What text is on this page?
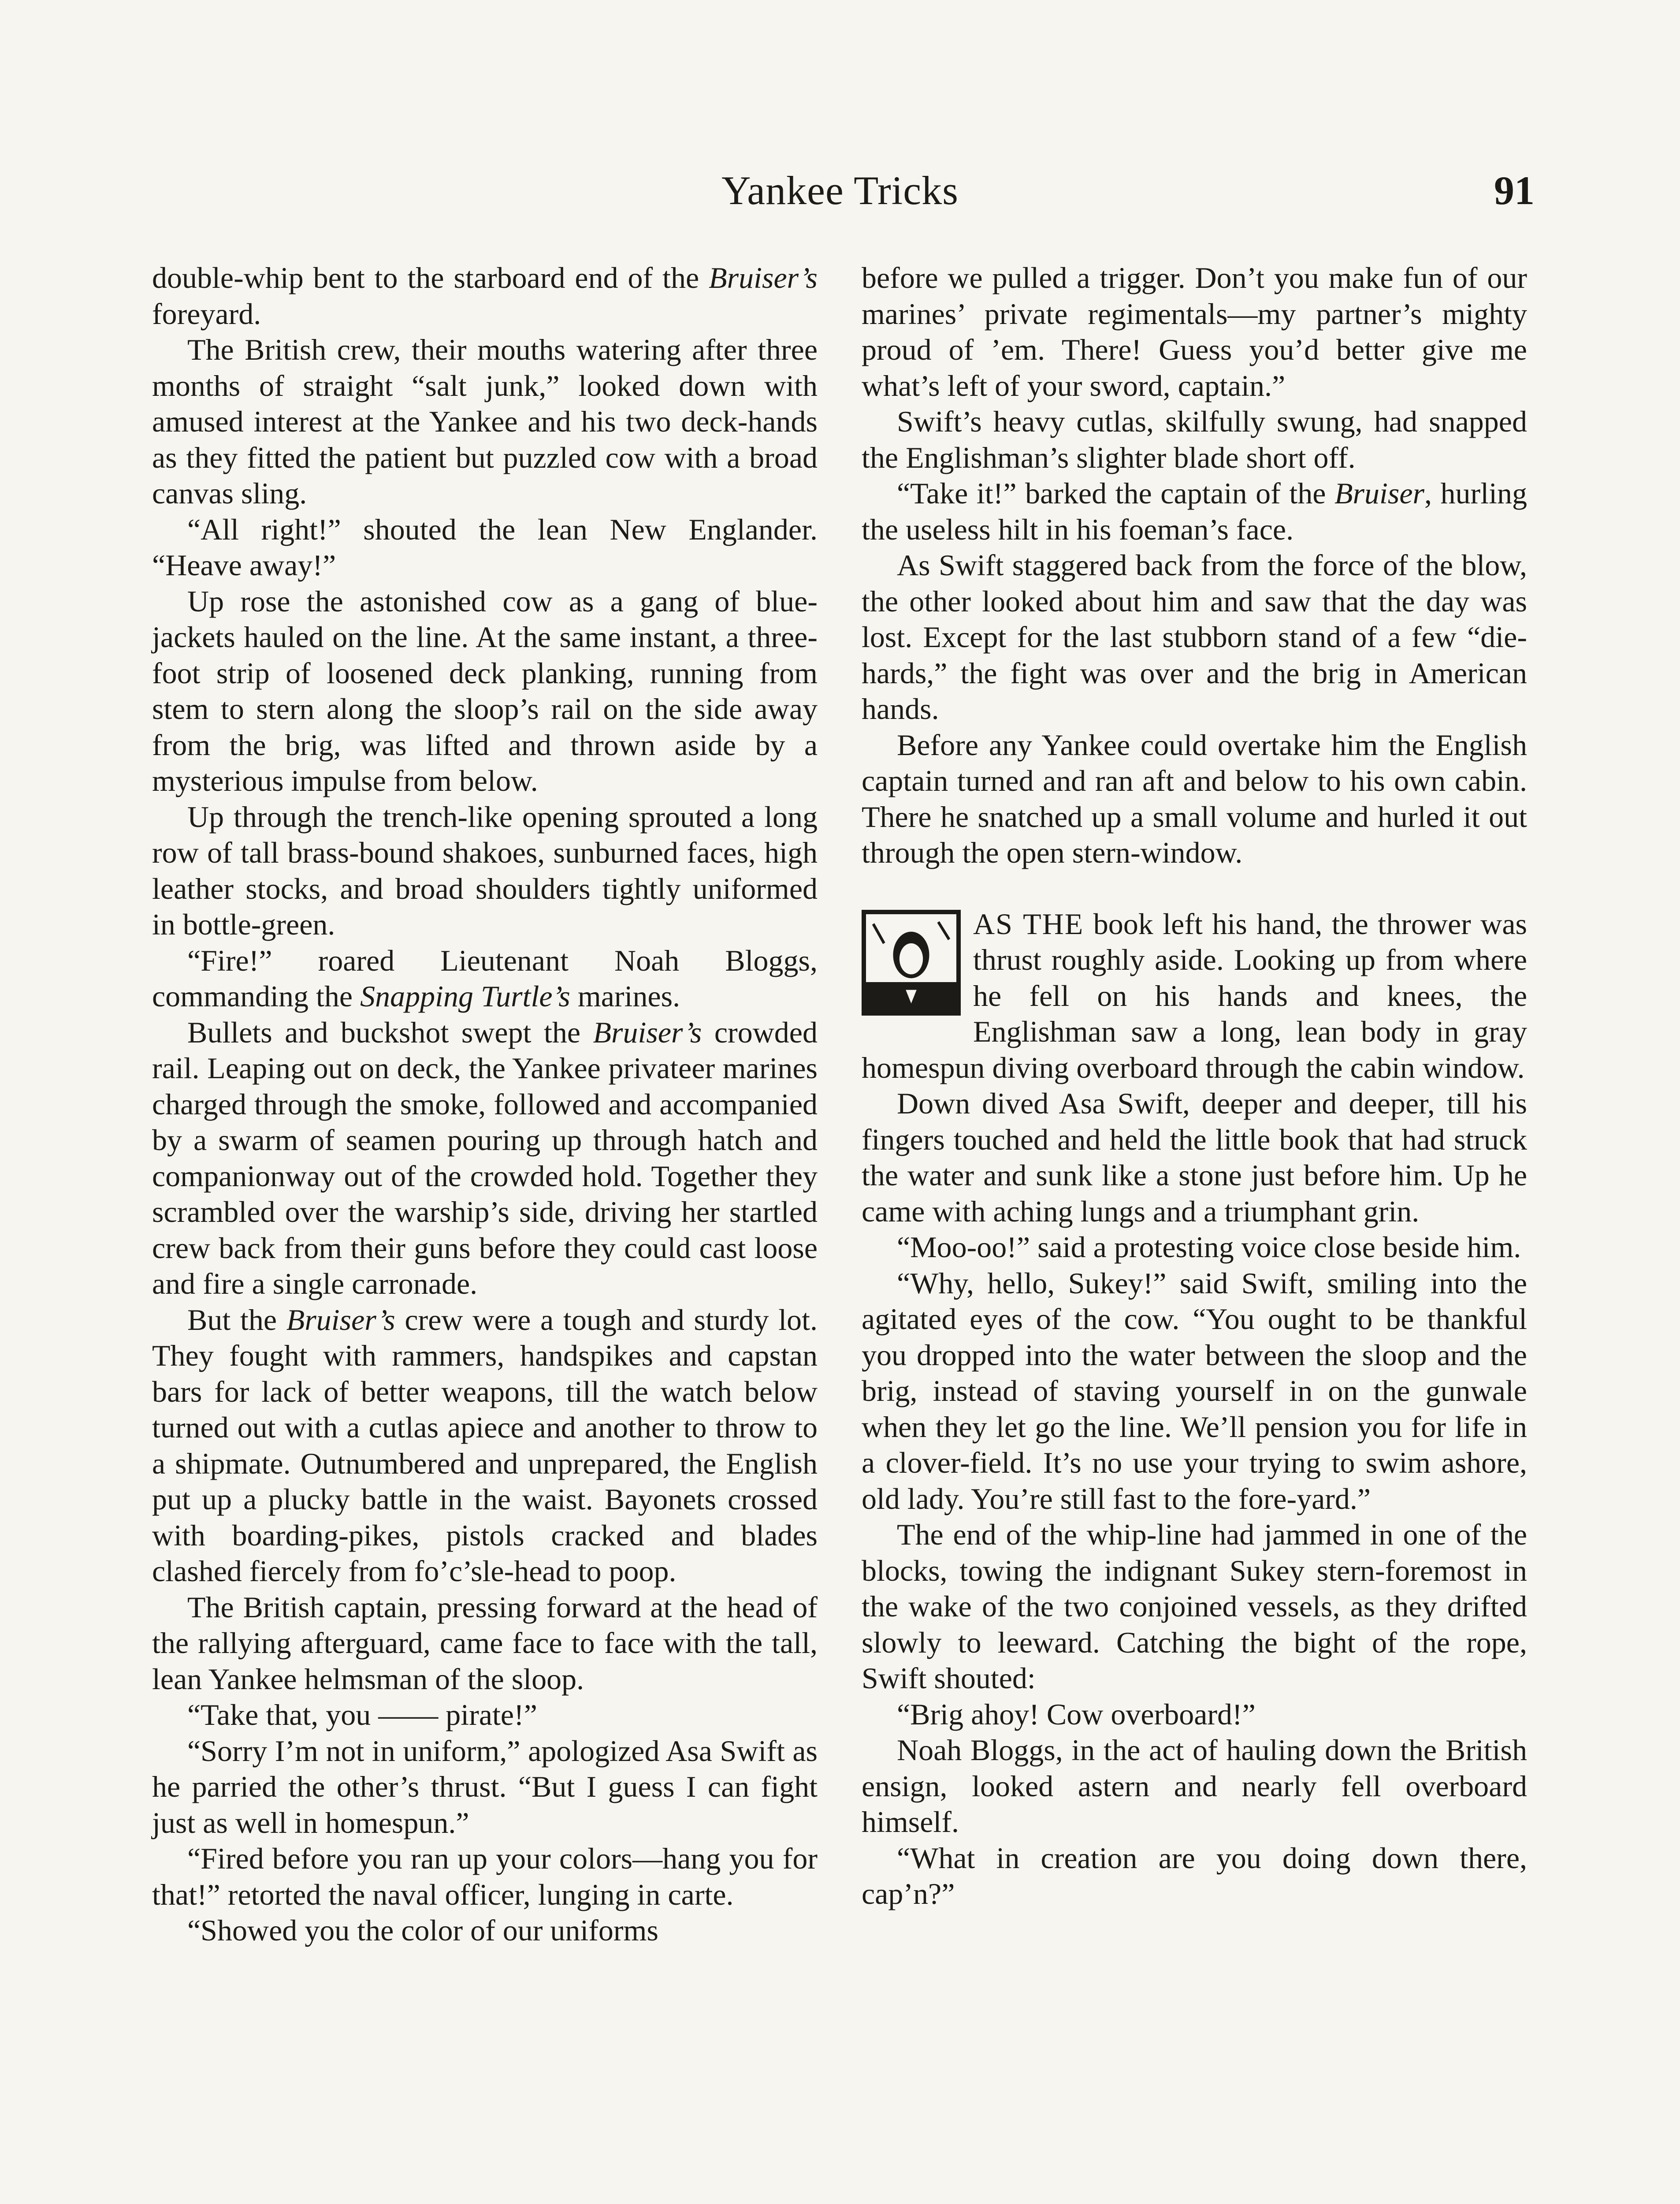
Yankee Tricks	91

double-whip bent to the starboard end of the Bruiser’s foreyard.

The British crew, their mouths watering after three months of straight “salt junk,” looked down with amused interest at the Yankee and his two deck-hands as they fitted the patient but puzzled cow with a broad canvas sling.

“All right!” shouted the lean New Englander. “Heave away!”

Up rose the astonished cow as a gang of blue-jackets hauled on the line. At the same instant, a three-foot strip of loosened deck planking, running from stem to stern along the sloop’s rail on the side away from the brig, was lifted and thrown aside by a mysterious impulse from below.

Up through the trench-like opening sprouted a long row of tall brass-bound shakoes, sunburned faces, high leather stocks, and broad shoulders tightly uniformed in bottle-green.

“Fire!” roared Lieutenant Noah Bloggs, commanding the Snapping Turtle’s marines.

Bullets and buckshot swept the Bruiser’s crowded rail. Leaping out on deck, the Yankee privateer marines charged through the smoke, followed and accompanied by a swarm of seamen pouring up through hatch and companionway out of the crowded hold. Together they scrambled over the warship’s side, driving her startled crew back from their guns before they could cast loose and fire a single carronade.

But the Bruiser’s crew were a tough and sturdy lot. They fought with rammers, handspikes and capstan bars for lack of better weapons, till the watch below turned out with a cutlas apiece and another to throw to a shipmate. Outnumbered and unprepared, the English put up a plucky battle in the waist. Bayonets crossed with boarding-pikes, pistols cracked and blades clashed fiercely from fo’c’sle-head to poop.

The British captain, pressing forward at the head of the rallying afterguard, came face to face with the tall, lean Yankee helmsman of the sloop.

“Take that, you —— pirate!”

“Sorry I’m not in uniform,” apologized Asa Swift as he parried the other’s thrust. “But I guess I can fight just as well in homespun.”

“Fired before you ran up your colors—hang you for that!” retorted the naval officer, lunging in carte.

“Showed you the color of our uniforms

before we pulled a trigger. Don’t you make fun of our marines’ private regimentals—my partner’s mighty proud of ’em. There! Guess you’d better give me what’s left of your sword, captain.”

Swift’s heavy cutlas, skilfully swung, had snapped the Englishman’s slighter blade short off.

“Take it!” barked the captain of the Bruiser, hurling the useless hilt in his foeman’s face.

As Swift staggered back from the force of the blow, the other looked about him and saw that the day was lost. Except for the last stubborn stand of a few “die-hards,” the fight was over and the brig in American hands.

Before any Yankee could overtake him the English captain turned and ran aft and below to his own cabin. There he snatched up a small volume and hurled it out through the open stern-window.

AS THE book left his hand, the thrower was thrust roughly aside. Looking up from where he fell on his hands and knees, the Englishman saw a long, lean body in gray homespun diving overboard through the cabin window.

Down dived Asa Swift, deeper and deeper, till his fingers touched and held the little book that had struck the water and sunk like a stone just before him. Up he came with aching lungs and a triumphant grin.

“Moo-oo!” said a protesting voice close beside him.

“Why, hello, Sukey!” said Swift, smiling into the agitated eyes of the cow. “You ought to be thankful you dropped into the water between the sloop and the brig, instead of staving yourself in on the gunwale when they let go the line. We’ll pension you for life in a clover-field. It’s no use your trying to swim ashore, old lady. You’re still fast to the fore-yard.”

The end of the whip-line had jammed in one of the blocks, towing the indignant Sukey stern-foremost in the wake of the two conjoined vessels, as they drifted slowly to leeward. Catching the bight of the rope, Swift shouted:

“Brig ahoy! Cow overboard!”

Noah Bloggs, in the act of hauling down the British ensign, looked astern and nearly fell overboard himself.

“What in creation are you doing down there, cap’n?”
